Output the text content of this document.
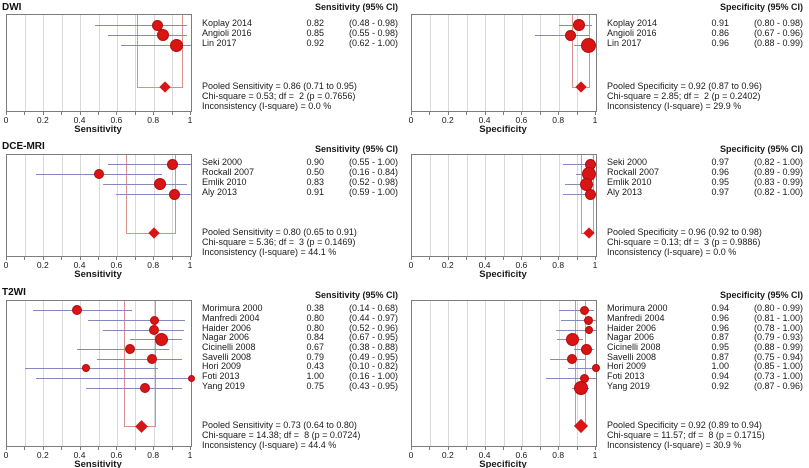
DWI
DCE-MRI
T2WI
Sensitivity (95% CI)
Koplay 2014	0.82	(0.48 - 0.98)
Angioli 2016	0.85	(0.55 - 0.98)
Lin 2017	0.92	(0.62 - 1.00)
0	0.2	0.4	0.6	0.8	1
Sensitivity
Pooled Sensitivity = 0.86 (0.71 to 0.95)
Chi-square = 0.53; df =  2 (p = 0.7656)
Inconsistency (I-square) = 0.0 %
Specificity (95% CI)
Koplay 2014	0.91	(0.80 - 0.98)
Angioli 2016	0.86	(0.67 - 0.96)
Lin 2017	0.96	(0.88 - 0.99)
0	0.2	0.4	0.6	0.8	1
Specificity
Pooled Specificity = 0.92 (0.87 to 0.96)
Chi-square = 2.85; df =  2 (p = 0.2402)
Inconsistency (I-square) = 29.9 %
Sensitivity (95% CI)
Seki 2000	0.90	(0.55 - 1.00)
Rockall 2007	0.50	(0.16 - 0.84)
Emlik 2010	0.83	(0.52 - 0.98)
Aly 2013	0.91	(0.59 - 1.00)
0	0.2	0.4	0.6	0.8	1
Sensitivity
Pooled Sensitivity = 0.80 (0.65 to 0.91)
Chi-square = 5.36; df =  3 (p = 0.1469)
Inconsistency (I-square) = 44.1 %
Specificity (95% CI)
Seki 2000	0.97	(0.82 - 1.00)
Rockall 2007	0.96	(0.89 - 0.99)
Emlik 2010	0.95	(0.83 - 0.99)
Aly 2013	0.97	(0.82 - 1.00)
0	0.2	0.4	0.6	0.8	1
Specificity
Pooled Specificity = 0.96 (0.92 to 0.98)
Chi-square = 0.13; df =  3 (p = 0.9886)
Inconsistency (I-square) = 0.0 %
Sensitivity (95% CI)
Morimura 2000	0.38	(0.14 - 0.68)
Manfredi 2004	0.80	(0.44 - 0.97)
Haider 2006	0.80	(0.52 - 0.96)
Nagar 2006	0.84	(0.67 - 0.95)
Cicinelli 2008	0.67	(0.38 - 0.88)
Savelli 2008	0.79	(0.49 - 0.95)
Hori 2009	0.43	(0.10 - 0.82)
Foti 2013	1.00	(0.16 - 1.00)
Yang 2019	0.75	(0.43 - 0.95)
0	0.2	0.4	0.6	0.8	1
Sensitivity
Pooled Sensitivity = 0.73 (0.64 to 0.80)
Chi-square = 14.38; df =  8 (p = 0.0724)
Inconsistency (I-square) = 44.4 %
Specificity (95% CI)
Morimura 2000	0.94	(0.80 - 0.99)
Manfredi 2004	0.96	(0.81 - 1.00)
Haider 2006	0.96	(0.78 - 1.00)
Nagar 2006	0.87	(0.79 - 0.93)
Cicinelli 2008	0.95	(0.88 - 0.99)
Savelli 2008	0.87	(0.75 - 0.94)
Hori 2009	1.00	(0.85 - 1.00)
Foti 2013	0.94	(0.73 - 1.00)
Yang 2019	0.92	(0.87 - 0.96)
0	0.2	0.4	0.6	0.8	1
Specificity
Pooled Specificity = 0.92 (0.89 to 0.94)
Chi-square = 11.57; df =  8 (p = 0.1715)
Inconsistency (I-square) = 30.9 %
